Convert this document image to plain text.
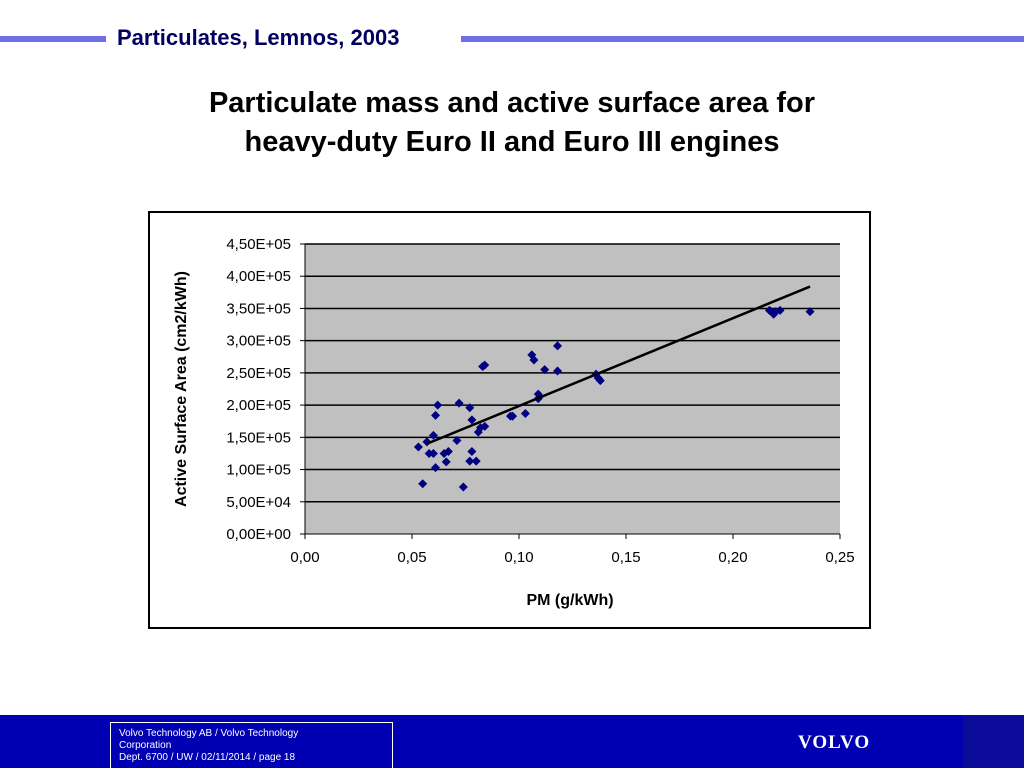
Particulates, Lemnos, 2003
Particulate mass and active surface area for
heavy-duty Euro II and Euro III engines
0,00E+00
5,00E+04
1,00E+05
1,50E+05
2,00E+05
2,50E+05
3,00E+05
3,50E+05
4,00E+05
4,50E+05
0,00	0,05	0,10	0,15	0,20	0,25
PM (g/kWh)
Active Surface Area (cm2/kWh)
Volvo Technology AB / Volvo Technology
Corporation
Dept. 6700 / UW / 02/11/2014 / page 18
VOLVO
